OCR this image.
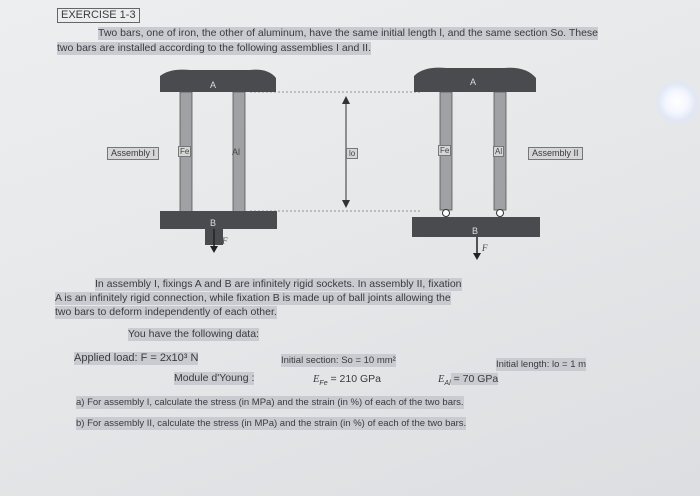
EXERCISE 1-3
Two bars, one of iron, the other of aluminum, have the same initial length l, and the same section So. These
two bars are installed according to the following assemblies I and II.
Assembly I	Assembly II
A	A
B
B
Fe	Al	Fe	Al
lo
F
F
In assembly I, fixings A and B are infinitely rigid sockets. In assembly II, fixation
A is an infinitely rigid connection, while fixation B is made up of ball joints allowing the
two bars to deform independently of each other.
You have the following data:
Applied load: F = 2x10³ N	Initial section: So = 10 mm²	Initial length: lo = 1 m
Module d'Young :	$E_{Fe} = 210$ GPa	$E_{Al} = 70$ GPa
a) For assembly I, calculate the stress (in MPa) and the strain (in %) of each of the two bars.
b) For assembly II, calculate the stress (in MPa) and the strain (in %) of each of the two bars.
